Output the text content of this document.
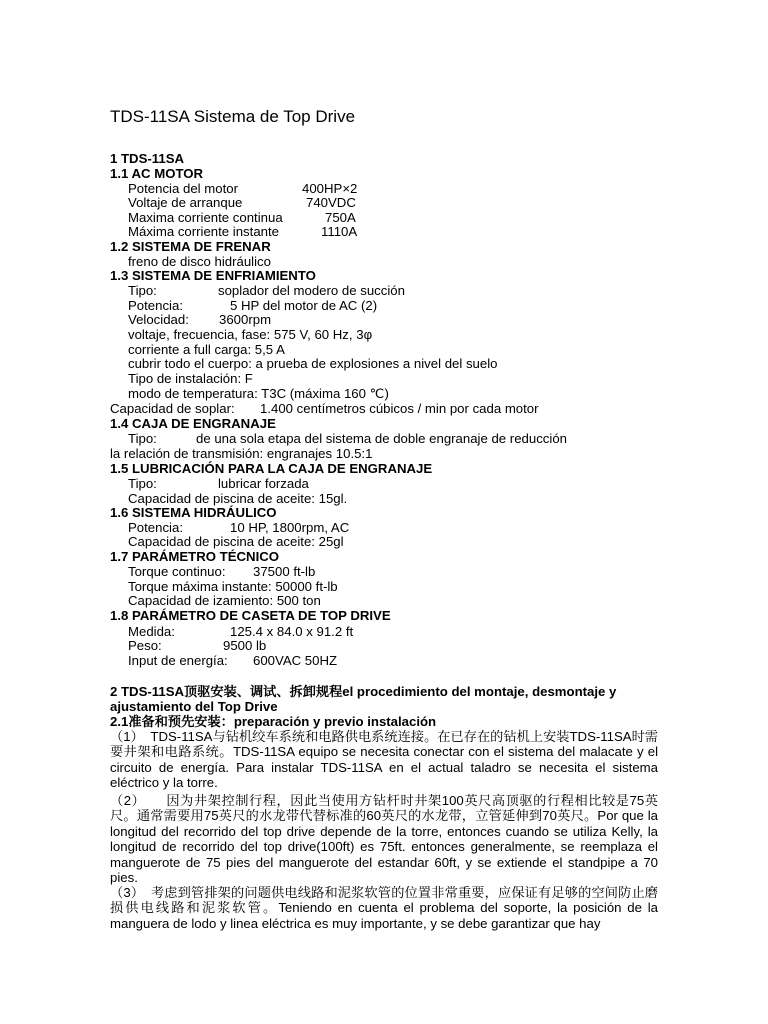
TDS-11SA Sistema de Top Drive
1 TDS-11SA
1.1 AC MOTOR
Potencia del motor	400HP×2
Voltaje de arranque	740VDC
Maxima corriente continua	750A
Máxima corriente instante	1110A
1.2 SISTEMA DE FRENAR
freno de disco hidráulico
1.3 SISTEMA DE ENFRIAMIENTO
Tipo:	soplador del modero de succión
Potencia:	5 HP del motor de AC (2)
Velocidad: 3600rpm
voltaje, frecuencia, fase: 575 V, 60 Hz, 3φ
corriente a full carga: 5,5 A
cubrir todo el cuerpo: a prueba de explosiones a nivel del suelo
Tipo de instalación: F
modo de temperatura: T3C (máxima 160 ℃)
Capacidad de soplar: 1.400 centímetros cúbicos / min por cada motor
1.4 CAJA DE ENGRANAJE
Tipo:	de una sola etapa del sistema de doble engranaje de reducción
la relación de transmisión: engranajes 10.5:1
1.5 LUBRICACIÓN PARA LA CAJA DE ENGRANAJE
Tipo:	lubricar forzada
Capacidad de piscina de aceite: 15gl.
1.6 SISTEMA HIDRÁULICO
Potencia:	10 HP, 1800rpm, AC
Capacidad de piscina de aceite: 25gl
1.7 PARÁMETRO TÉCNICO
Torque continuo: 37500 ft-lb
Torque máxima instante: 50000 ft-lb
Capacidad de izamiento: 500 ton
1.8 PARÁMETRO DE CASETA DE TOP DRIVE
Medida:	125.4 x 84.0 x 91.2 ft
Peso:	9500 lb
Input de energía: 600VAC 50HZ
2 TDS-11SA顶驱安装、调试、拆卸规程el procedimiento del montaje, desmontaje y
ajustamiento del Top Drive
2.1准备和预先安装：preparación y previo instalación
（1）　TDS-11SA与钻机绞车系统和电路供电系统连接。在已存在的钻机上安装TDS-11SA时需要井架和电路系统。TDS-11SA equipo se necesita conectar con el sistema del malacate y el circuito de energía. Para instalar TDS-11SA en el actual taladro se necesita el sistema eléctrico y la torre.
（2）　　因为井架控制行程，因此当使用方钻杆时井架100英尺高顶驱的行程相比较是75英尺。通常需要用75英尺的水龙带代替标准的60英尺的水龙带，立管延伸到70英尺。Por que la longitud del recorrido del top drive depende de la torre, entonces cuando se utiliza Kelly, la longitud de recorrido del top drive(100ft) es 75ft. entonces generalmente, se reemplaza el manguerote de 75 pies del manguerote del estandar 60ft, y se extiende el standpipe a 70 pies.
（3）　考虑到管排架的问题供电线路和泥浆软管的位置非常重要，应保证有足够的空间防止磨损供电线路和泥浆软管。Teniendo en cuenta el problema del soporte, la posición de la manguera de lodo y linea eléctrica es muy importante, y se debe garantizar que hay
